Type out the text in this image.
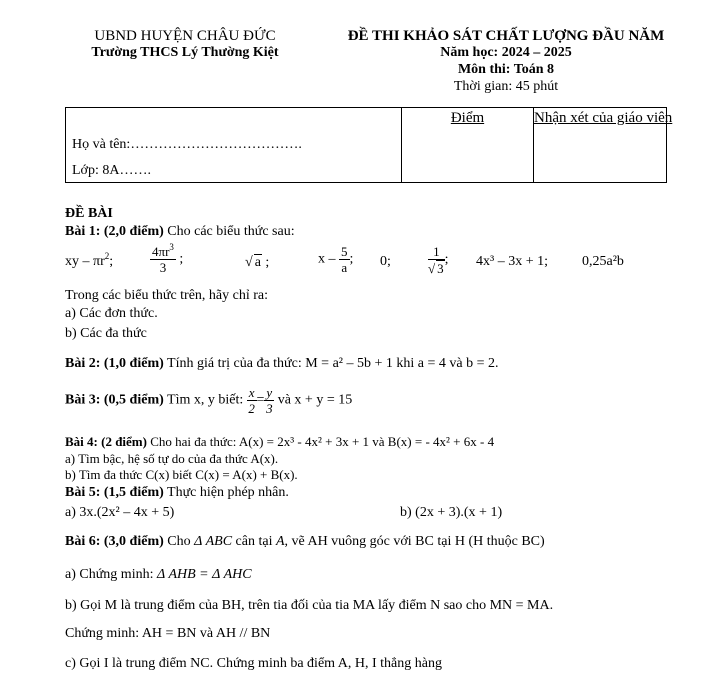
UBND HUYỆN CHÂU ĐỨC
Trường THCS Lý Thường Kiệt
ĐỀ THI KHẢO SÁT CHẤT LƯỢNG ĐẦU NĂM
Năm học: 2024 – 2025
Môn thi: Toán 8
Thời gian: 45 phút
Họ và tên:……………………………….
Lớp: 8A…….

Điểm	Nhận xét của giáo viên
ĐỀ BÀI
Bài 1: (2,0 điểm) Cho các biểu thức sau:
xy – $\pi r^2$;	$\frac{4\pi r^3}{3}$ ;	√ a ;	x – $\frac{5}{a}$ ; 0;	$\frac{1}{√ 3}$ ; 4x³ – 3x + 1; 0,25a²b
Trong các biểu thức trên, hãy chỉ ra:
a) Các đơn thức.
b) Các đa thức
Bài 2: (1,0 điểm) Tính giá trị của đa thức: M = a² – 5b + 1 khi a = 4 và b = 2.
Bài 3: (0,5 điểm) Tìm x, y biết: $\frac{x}{2} = \frac{y}{3}$ và x + y = 15
Bài 4: (2 điểm) Cho hai đa thức: A(x) = 2x³ - 4x² + 3x + 1 và B(x) = - 4x² + 6x - 4
a) Tìm bậc, hệ số tự do của đa thức A(x).
b) Tìm đa thức C(x) biết C(x) = A(x) + B(x).
Bài 5: (1,5 điểm) Thực hiện phép nhân.
a) 3x.(2x² – 4x + 5)	b) (2x + 3).(x + 1)
Bài 6: (3,0 điểm) Cho Δ ABC cân tại A, vẽ AH vuông góc với BC tại H (H thuộc BC)
a) Chứng minh: Δ AHB = Δ AHC
b) Gọi M là trung điểm của BH, trên tia đối của tia MA lấy điểm N sao cho MN = MA.
Chứng minh: AH = BN và AH // BN
c) Gọi I là trung điểm NC. Chứng minh ba điểm A, H, I thẳng hàng
